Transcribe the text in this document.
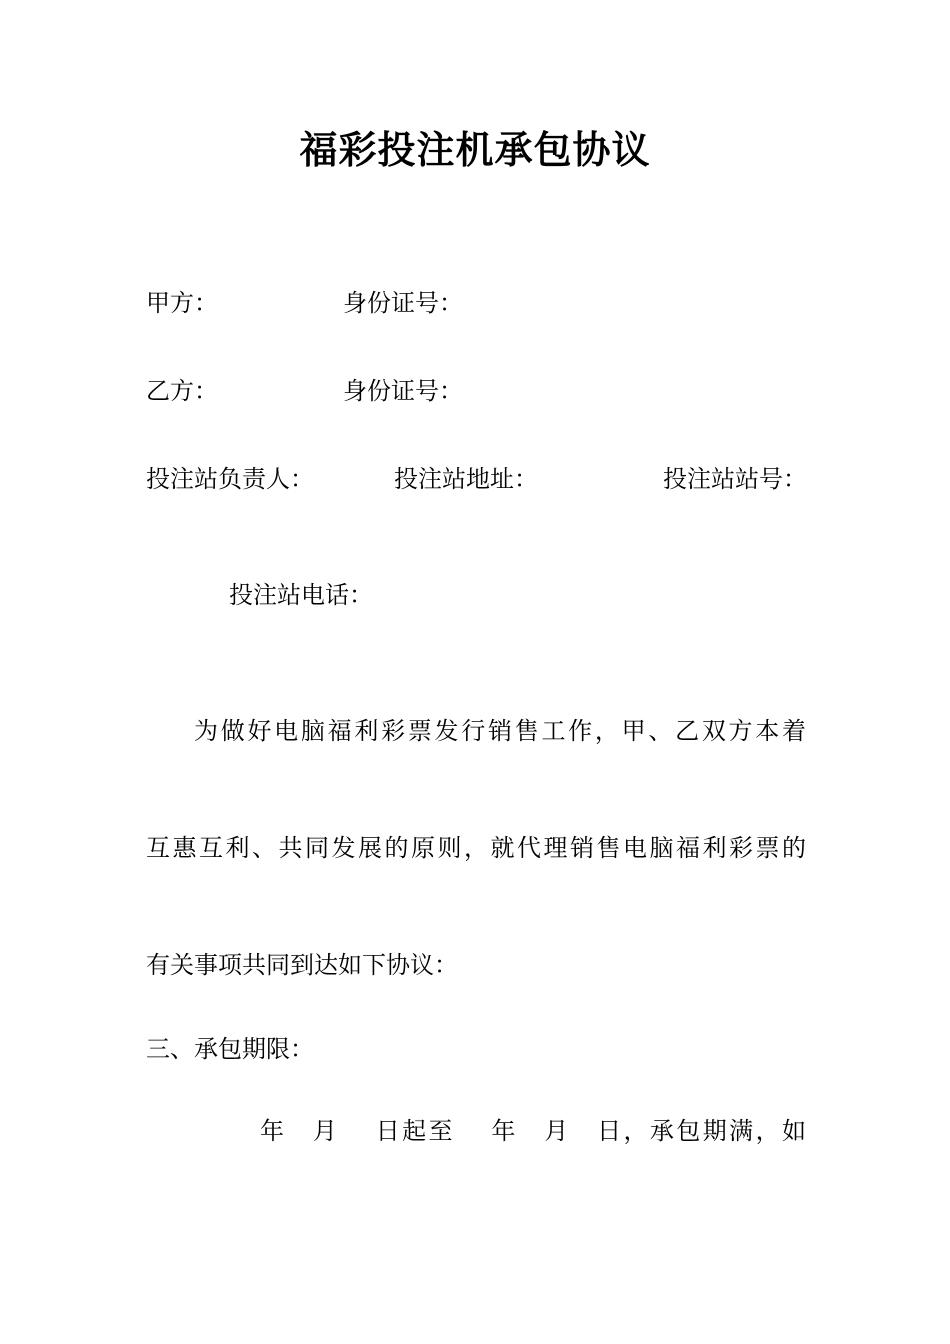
福彩投注机承包协议
甲方：	身份证号：
乙方：	身份证号：
投注站负责人：	投注站地址：	投注站站号：
投注站电话：
为做好电脑福利彩票发行销售工作，甲、乙双方本着
互惠互利、共同发展的原则，就代理销售电脑福利彩票的
有关事项共同到达如下协议：
三、承包期限：
年　月　 日起至　 年　月　日，承包期满，如
